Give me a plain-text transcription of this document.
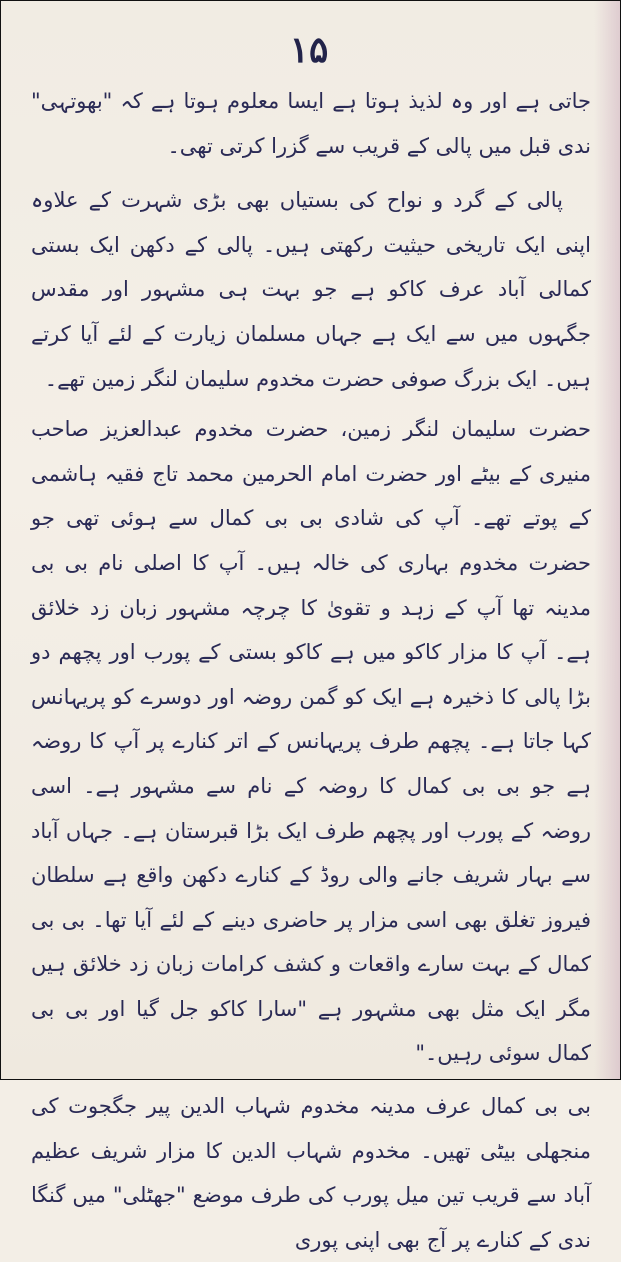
۱۵

جاتی ہے اور وہ لذیذ ہوتا ہے ایسا معلوم ہوتا ہے کہ "بھوتہی" ندی قبل میں پالی کے قریب سے گزرا کرتی تھی۔

پالی کے گرد و نواح کی بستیاں بھی بڑی شہرت کے علاوہ اپنی ایک تاریخی حیثیت رکھتی ہیں۔ پالی کے دکھن ایک بستی کمالی آباد عرف کاکو ہے جو بہت ہی مشہور اور مقدس جگہوں میں سے ایک ہے جہاں مسلمان زیارت کے لئے آیا کرتے ہیں۔ ایک بزرگ صوفی حضرت مخدوم سلیمان لنگر زمین تھے۔

حضرت سلیمان لنگر زمین، حضرت مخدوم عبدالعزیز صاحب منیری کے بیٹے اور حضرت امام الحرمین محمد تاج فقیہ ہاشمی کے پوتے تھے۔ آپ کی شادی بی بی کمال سے ہوئی تھی جو حضرت مخدوم بہاری کی خالہ ہیں۔ آپ کا اصلی نام بی بی مدینہ تھا آپ کے زہد و تقویٰ کا چرچہ مشہور زبان زد خلائق ہے۔ آپ کا مزار کاکو میں ہے کاکو بستی کے پورب اور پچھم دو بڑا پالی کا ذخیرہ ہے ایک کو گمن روضہ اور دوسرے کو پریہانس کہا جاتا ہے۔ پچھم طرف پریہانس کے اتر کنارے پر آپ کا روضہ ہے جو بی بی کمال کا روضہ کے نام سے مشہور ہے۔ اسی روضہ کے پورب اور پچھم طرف ایک بڑا قبرستان ہے۔ جہاں آباد سے بہار شریف جانے والی روڈ کے کنارے دکھن واقع ہے سلطان فیروز تغلق بھی اسی مزار پر حاضری دینے کے لئے آیا تھا۔ بی بی کمال کے بہت سارے واقعات و کشف کرامات زبان زد خلائق ہیں مگر ایک مثل بھی مشہور ہے "سارا کاکو جل گیا اور بی بی کمال سوئی رہیں۔"

بی بی کمال عرف مدینہ مخدوم شہاب الدین پیر جگجوت کی منجھلی بیٹی تھیں۔ مخدوم شہاب الدین کا مزار شریف عظیم آباد سے قریب تین میل پورب کی طرف موضع "جھٹلی" میں گنگا ندی کے کنارے پر آج بھی اپنی پوری
